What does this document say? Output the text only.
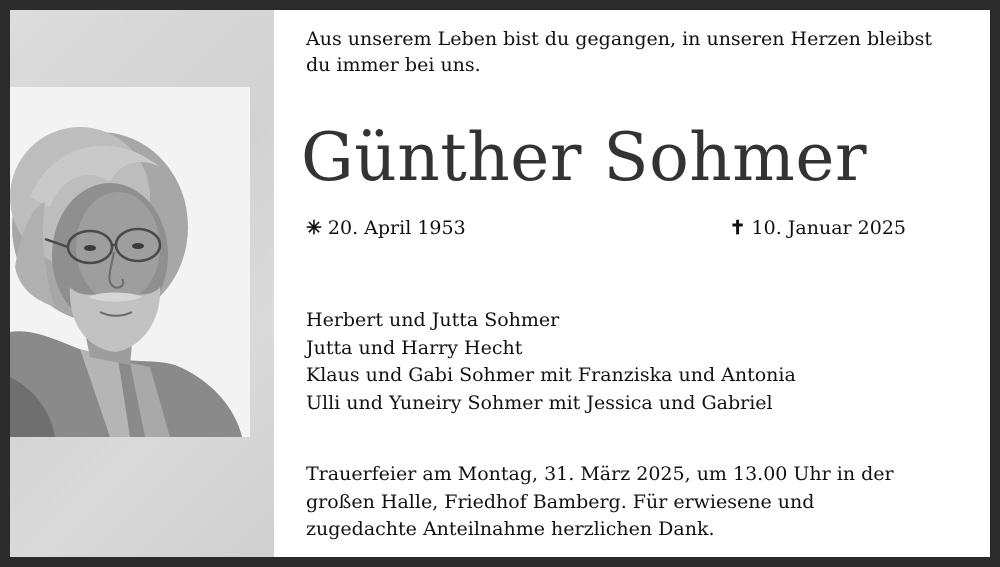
Aus unserem Leben bist du gegangen, in unseren Herzen bleibst du immer bei uns.
Günther Sohmer
✳ 20. April 1953	✝ 10. Januar 2025
Herbert und Jutta Sohmer
Jutta und Harry Hecht
Klaus und Gabi Sohmer mit Franziska und Antonia
Ulli und Yuneiry Sohmer mit Jessica und Gabriel
Trauerfeier am Montag, 31. März 2025, um 13.00 Uhr in der großen Halle, Friedhof Bamberg. Für erwiesene und zugedachte Anteilnahme herzlichen Dank.
